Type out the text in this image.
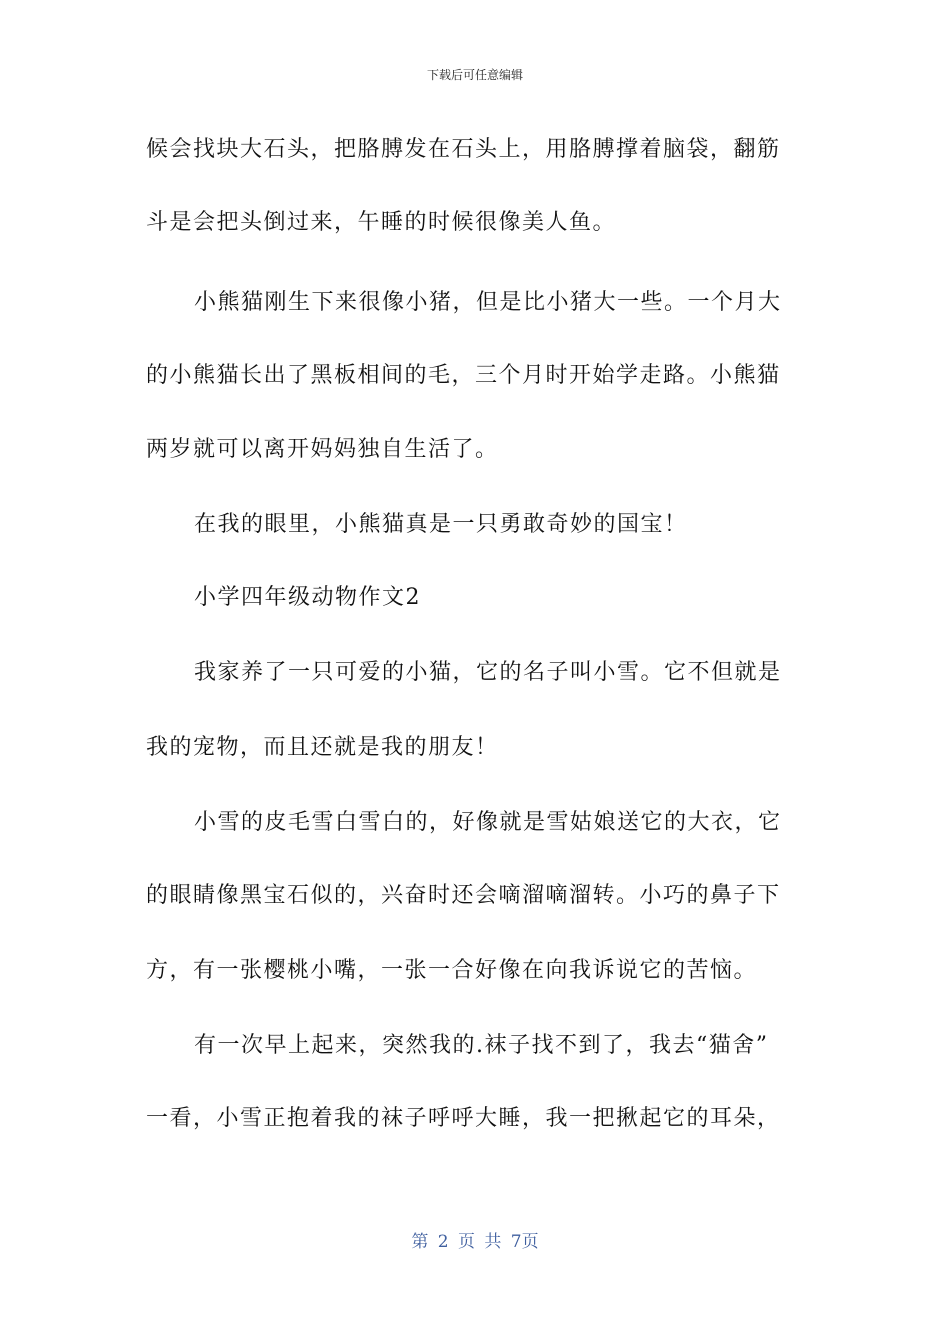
下载后可任意编辑
候会找块大石头，把胳膊发在石头上，用胳膊撑着脑袋，翻筋
斗是会把头倒过来，午睡的时候很像美人鱼。
小熊猫刚生下来很像小猪，但是比小猪大一些。一个月大
的小熊猫长出了黑板相间的毛，三个月时开始学走路。小熊猫
两岁就可以离开妈妈独自生活了。
在我的眼里，小熊猫真是一只勇敢奇妙的国宝！
小学四年级动物作文2
我家养了一只可爱的小猫，它的名子叫小雪。它不但就是
我的宠物，而且还就是我的朋友！
小雪的皮毛雪白雪白的，好像就是雪姑娘送它的大衣，它
的眼睛像黑宝石似的，兴奋时还会嘀溜嘀溜转。小巧的鼻子下
方，有一张樱桃小嘴，一张一合好像在向我诉说它的苦恼。
有一次早上起来，突然我的.袜子找不到了，我去“猫舍”
一看，小雪正抱着我的袜子呼呼大睡，我一把揪起它的耳朵，
第 2 页 共 7页
